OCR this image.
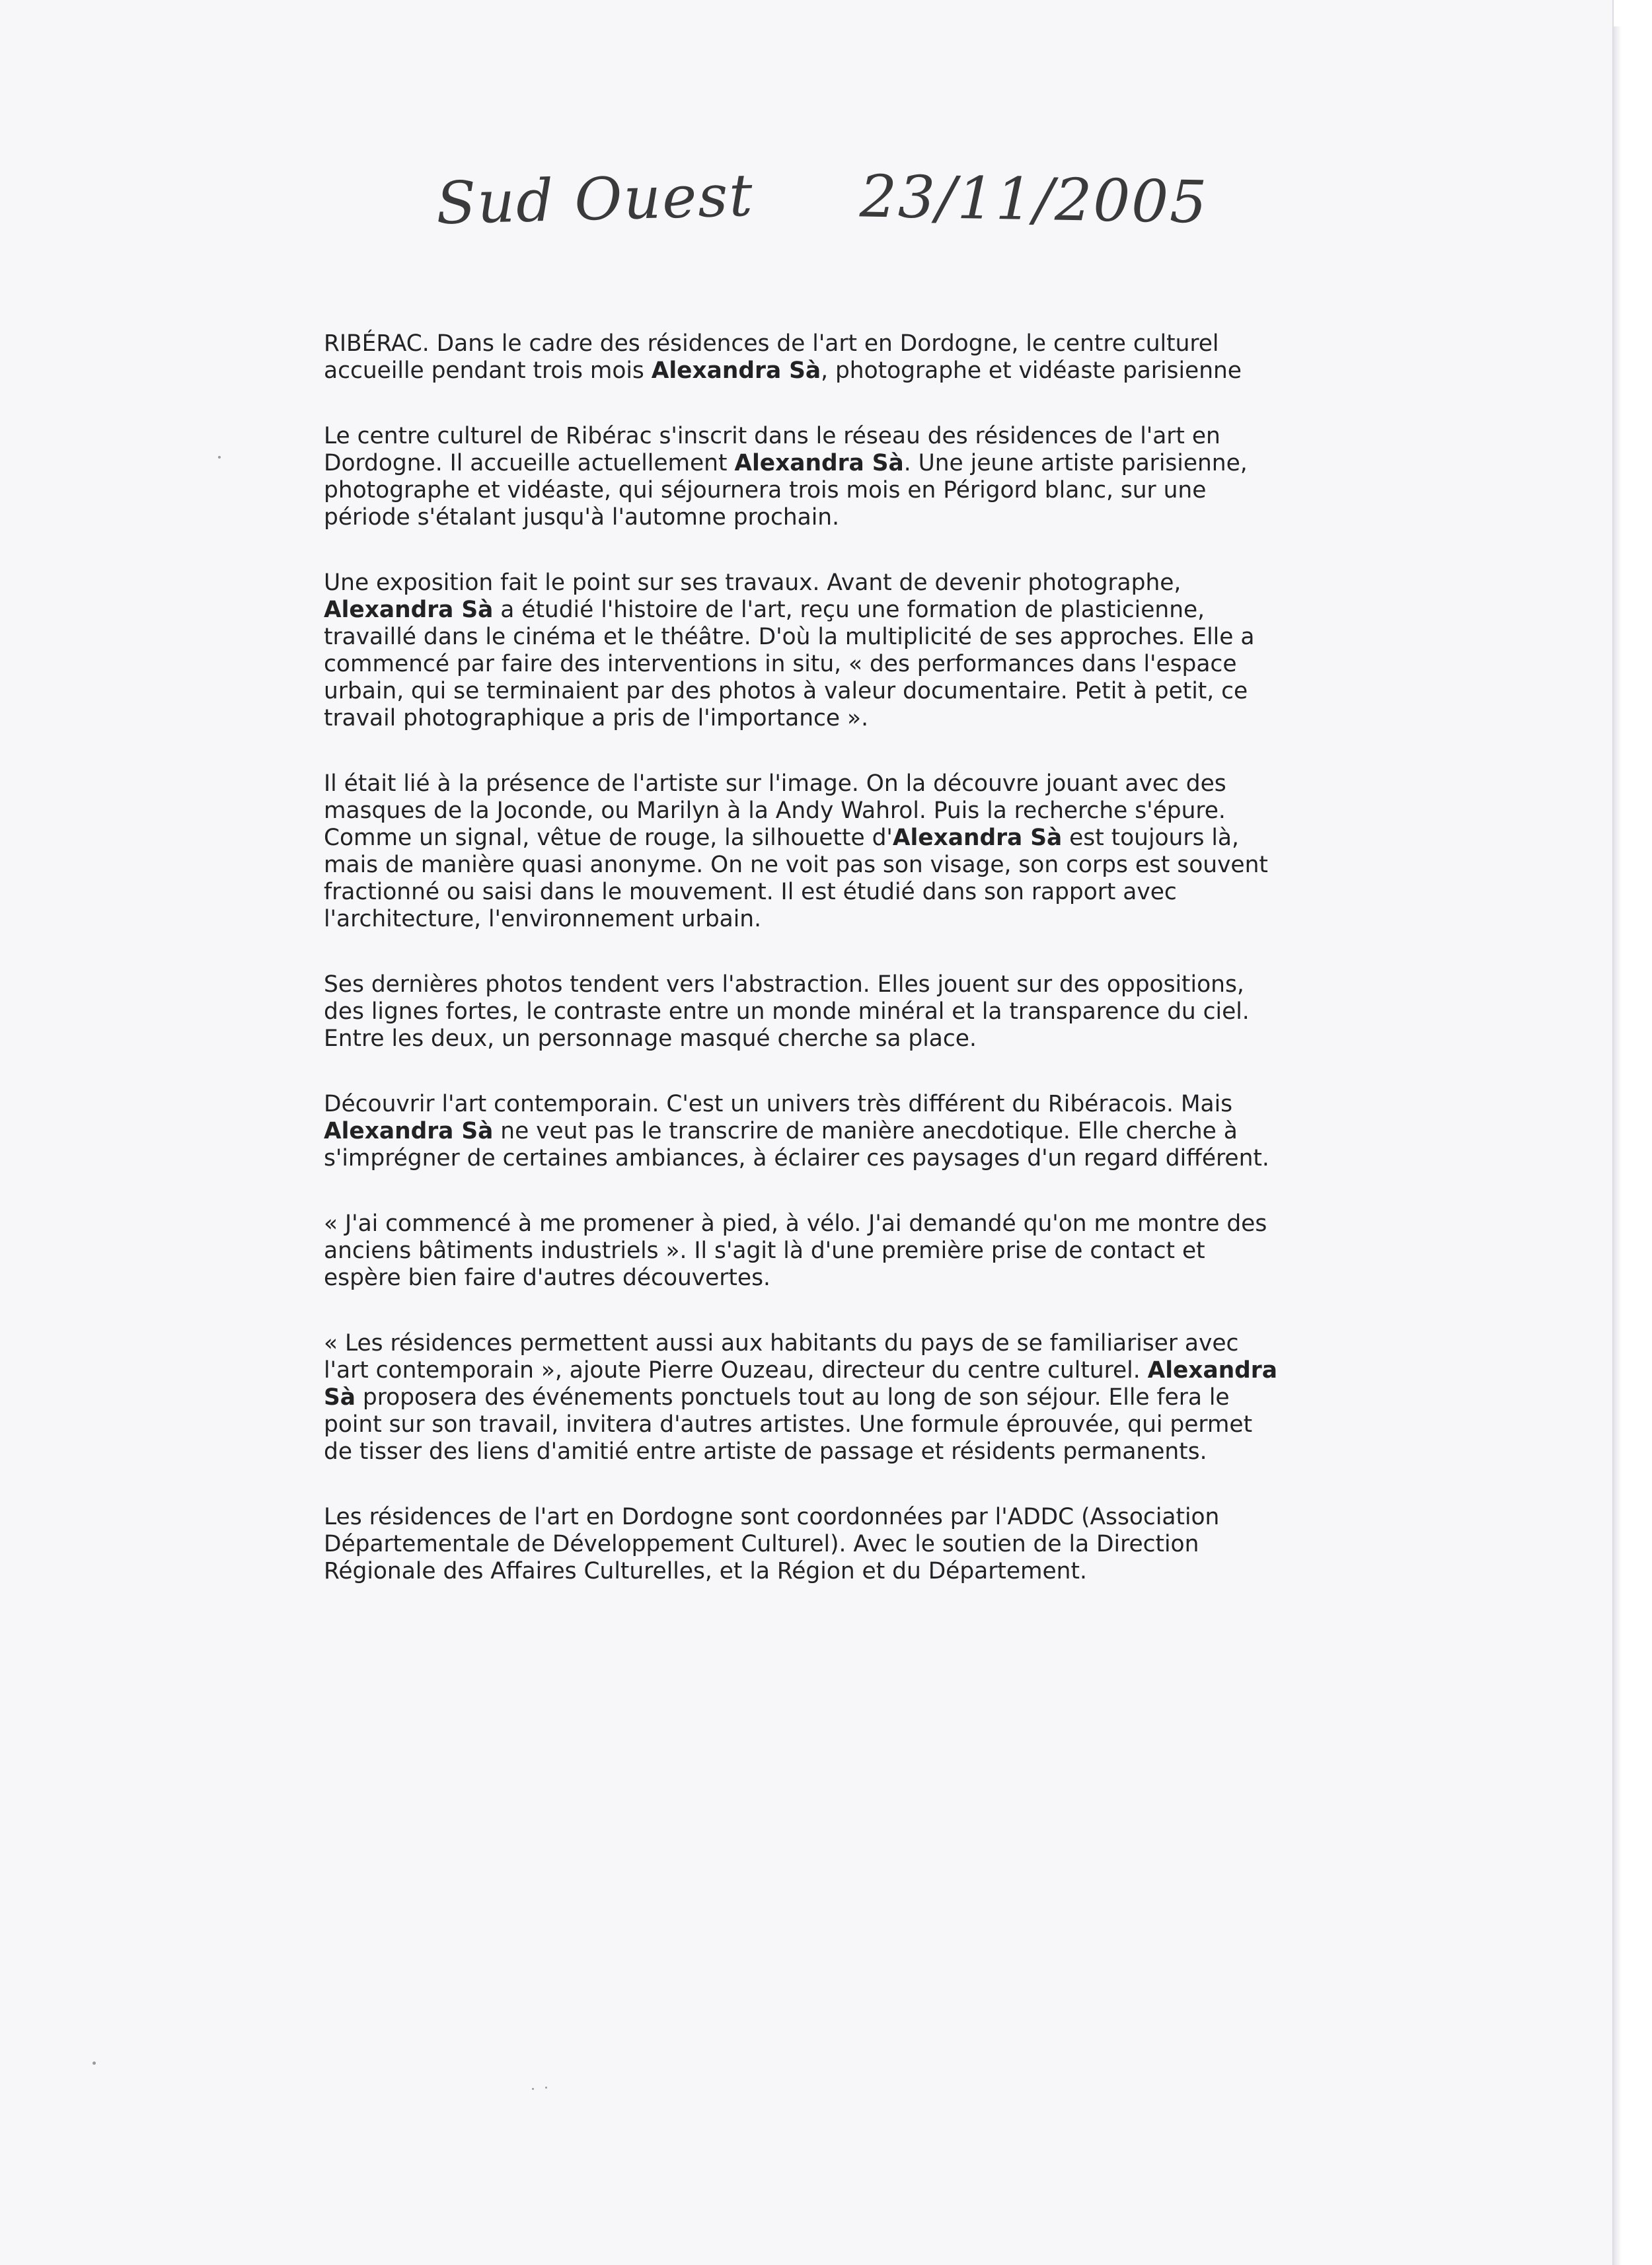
Sud Ouest 23/11/2005

RIBÉRAC. Dans le cadre des résidences de l'art en Dordogne, le centre culturel
accueille pendant trois mois Alexandra Sà, photographe et vidéaste parisienne

Le centre culturel de Ribérac s'inscrit dans le réseau des résidences de l'art en
Dordogne. Il accueille actuellement Alexandra Sà. Une jeune artiste parisienne,
photographe et vidéaste, qui séjournera trois mois en Périgord blanc, sur une
période s'étalant jusqu'à l'automne prochain.

Une exposition fait le point sur ses travaux. Avant de devenir photographe,
Alexandra Sà a étudié l'histoire de l'art, reçu une formation de plasticienne,
travaillé dans le cinéma et le théâtre. D'où la multiplicité de ses approches. Elle a
commencé par faire des interventions in situ, « des performances dans l'espace
urbain, qui se terminaient par des photos à valeur documentaire. Petit à petit, ce
travail photographique a pris de l'importance ».

Il était lié à la présence de l'artiste sur l'image. On la découvre jouant avec des
masques de la Joconde, ou Marilyn à la Andy Wahrol. Puis la recherche s'épure.
Comme un signal, vêtue de rouge, la silhouette d'Alexandra Sà est toujours là,
mais de manière quasi anonyme. On ne voit pas son visage, son corps est souvent
fractionné ou saisi dans le mouvement. Il est étudié dans son rapport avec
l'architecture, l'environnement urbain.

Ses dernières photos tendent vers l'abstraction. Elles jouent sur des oppositions,
des lignes fortes, le contraste entre un monde minéral et la transparence du ciel.
Entre les deux, un personnage masqué cherche sa place.

Découvrir l'art contemporain. C'est un univers très différent du Ribéracois. Mais
Alexandra Sà ne veut pas le transcrire de manière anecdotique. Elle cherche à
s'imprégner de certaines ambiances, à éclairer ces paysages d'un regard différent.

« J'ai commencé à me promener à pied, à vélo. J'ai demandé qu'on me montre des
anciens bâtiments industriels ». Il s'agit là d'une première prise de contact et
espère bien faire d'autres découvertes.

« Les résidences permettent aussi aux habitants du pays de se familiariser avec
l'art contemporain », ajoute Pierre Ouzeau, directeur du centre culturel. Alexandra
Sà proposera des événements ponctuels tout au long de son séjour. Elle fera le
point sur son travail, invitera d'autres artistes. Une formule éprouvée, qui permet
de tisser des liens d'amitié entre artiste de passage et résidents permanents.

Les résidences de l'art en Dordogne sont coordonnées par l'ADDC (Association
Départementale de Développement Culturel). Avec le soutien de la Direction
Régionale des Affaires Culturelles, et la Région et du Département.
